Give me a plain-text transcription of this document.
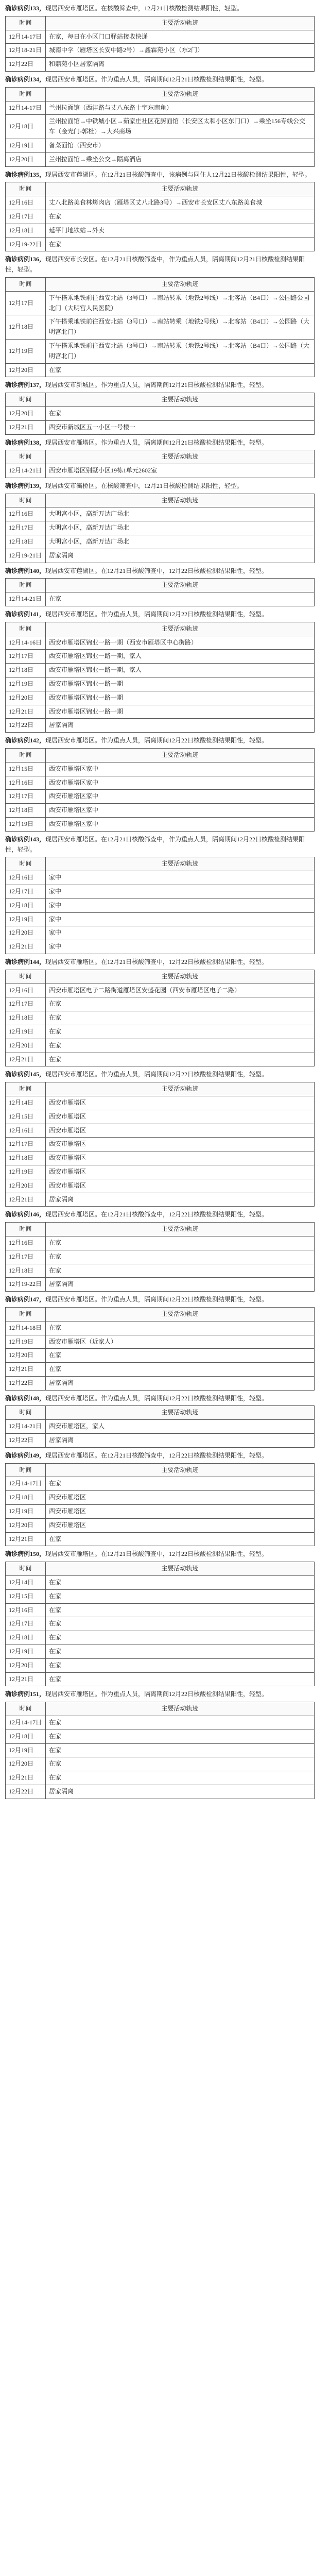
确诊病例133，现居西安市雁塔区。在核酸筛查中，12月21日核酸检测结果阳性，轻型。
时间	主要活动轨迹
12月14-17日	在家，每日在小区门口驿站接收快递
12月18-21日	城南中学（雁塔区长安中路2号）→鑫霖苑小区（东2门）
12月22日	和鼎苑小区居家隔离
确诊病例134，现居西安市雁塔区。作为重点人员，隔离期间12月21日核酸检测结果阳性，轻型。
时间	主要活动轨迹
12月14-17日	兰州拉面馆（西沣路与丈八东路十字东南角）
12月18日	兰州拉面馆→中铁城小区→茹家庄社区花厨面馆（长安区太和小区东门口）→乘坐156专线公交车（金光门-郭杜）→大兴商场
12月19日	备菜面馆（西安市）
12月20日	兰州拉面馆→乘坐公交→隔离酒店
确诊病例135，现居西安市莲湖区。在12月21日核酸筛查中，该病例与同住人12月22日核酸检测结果阳性，轻型。
时间	主要活动轨迹
12月16日	丈八北路美食林烤肉店（雁塔区丈八北路3号）→西安市长安区丈八东路美食城
12月17日	在家
12月18日	延平门地铁站→外卖
12月19-22日	在家
确诊病例136，现居西安市长安区。在12月21日核酸筛查中，作为重点人员，隔离期间12月21日核酸检测结果阳性，轻型。
时间	主要活动轨迹
12月17日	下午搭乘地铁前往西安北站（3号口）→南站转乘（地铁2号线）→北客站（B4口）→公园路公园北门（大明宫人民医院）
12月18日	下午搭乘地铁前往西安北站（3号口）→南站转乘（地铁2号线）→北客站（B4口）→公园路（大明宫北门）
12月19日	下午搭乘地铁前往西安北站（3号口）→南站转乘（地铁2号线）→北客站（B4口）→公园路（大明宫北门）
12月20日	在家
确诊病例137，现居西安市新城区。作为重点人员，隔离期间12月21日核酸检测结果阳性，轻型。
时间	主要活动轨迹
12月20日	在家
12月21日	西安市新城区五一小区一号楼一
确诊病例138，现居西安市雁塔区。作为重点人员，隔离期间12月21日核酸检测结果阳性，轻型。
时间	主要活动轨迹
12月14-21日	西安市雁塔区别墅小区19栋1单元2602室
确诊病例139，现居西安市灞桥区。在核酸筛查中，12月21日核酸检测结果阳性，轻型。
时间	主要活动轨迹
12月16日	大明宫小区，高新万达广场北
12月17日	大明宫小区，高新万达广场北
12月18日	大明宫小区，高新万达广场北
12月19-21日	居家隔离
确诊病例140，现居西安市莲湖区。在12月21日核酸筛查中，12月22日核酸检测结果阳性，轻型。
时间	主要活动轨迹
12月14-21日	在家
确诊病例141，现居西安市雁塔区。作为重点人员，隔离期间12月22日核酸检测结果阳性，轻型。
时间	主要活动轨迹
12月14-16日	西安市雁塔区锦业一路一期（西安市雁塔区中心街路）
12月17日	西安市雁塔区锦业一路一期，家人
12月18日	西安市雁塔区锦业一路一期，家人
12月19日	西安市雁塔区锦业一路一期
12月20日	西安市雁塔区锦业一路一期
12月21日	西安市雁塔区锦业一路一期
12月22日	居家隔离
确诊病例142，现居西安市雁塔区。作为重点人员，隔离期间12月22日核酸检测结果阳性，轻型。
时间	主要活动轨迹
12月15日	西安市雁塔区家中
12月16日	西安市雁塔区家中
12月17日	西安市雁塔区家中
12月18日	西安市雁塔区家中
12月19日	西安市雁塔区家中
确诊病例143，现居西安市雁塔区。在12月21日核酸筛查中，作为重点人员，隔离期间12月22日核酸检测结果阳性，轻型。
时间	主要活动轨迹
12月16日	家中
12月17日	家中
12月18日	家中
12月19日	家中
12月20日	家中
12月21日	家中
确诊病例144，现居西安市雁塔区。在12月21日核酸筛查中，12月22日核酸检测结果阳性，轻型。
时间	主要活动轨迹
12月16日	西安市雁塔区电子二路街道雁塔区安盛花园（西安市雁塔区电子二路）
12月17日	在家
12月18日	在家
12月19日	在家
12月20日	在家
12月21日	在家
确诊病例145，现居西安市雁塔区。作为重点人员，隔离期间12月22日核酸检测结果阳性，轻型。
时间	主要活动轨迹
12月14日	西安市雁塔区
12月15日	西安市雁塔区
12月16日	西安市雁塔区
12月17日	西安市雁塔区
12月18日	西安市雁塔区
12月19日	西安市雁塔区
12月20日	西安市雁塔区
12月21日	居家隔离
确诊病例146，现居西安市雁塔区。在12月21日核酸筛查中，12月22日核酸检测结果阳性，轻型。
时间	主要活动轨迹
12月16日	在家
12月17日	在家
12月18日	在家
12月19-22日	居家隔离
确诊病例147，现居西安市雁塔区。作为重点人员，隔离期间12月22日核酸检测结果阳性，轻型。
时间	主要活动轨迹
12月14-18日	在家
12月19日	西安市雁塔区（近家人）
12月20日	在家
12月21日	在家
12月22日	居家隔离
确诊病例148，现居西安市雁塔区。作为重点人员，隔离期间12月22日核酸检测结果阳性，轻型。
时间	主要活动轨迹
12月14-21日	西安市雁塔区，家人
12月22日	居家隔离
确诊病例149，现居西安市雁塔区。在12月21日核酸筛查中，12月22日核酸检测结果阳性，轻型。
时间	主要活动轨迹
12月14-17日	在家
12月18日	西安市雁塔区
12月19日	西安市雁塔区
12月20日	西安市雁塔区
12月21日	在家
确诊病例150，现居西安市雁塔区。在12月21日核酸筛查中，12月22日核酸检测结果阳性，轻型。
时间	主要活动轨迹
12月14日	在家
12月15日	在家
12月16日	在家
12月17日	在家
12月18日	在家
12月19日	在家
12月20日	在家
12月21日	在家
确诊病例151，现居西安市雁塔区。作为重点人员，隔离期间12月22日核酸检测结果阳性，轻型。
时间	主要活动轨迹
12月14-17日	在家
12月18日	在家
12月19日	在家
12月20日	在家
12月21日	在家
12月22日	居家隔离
